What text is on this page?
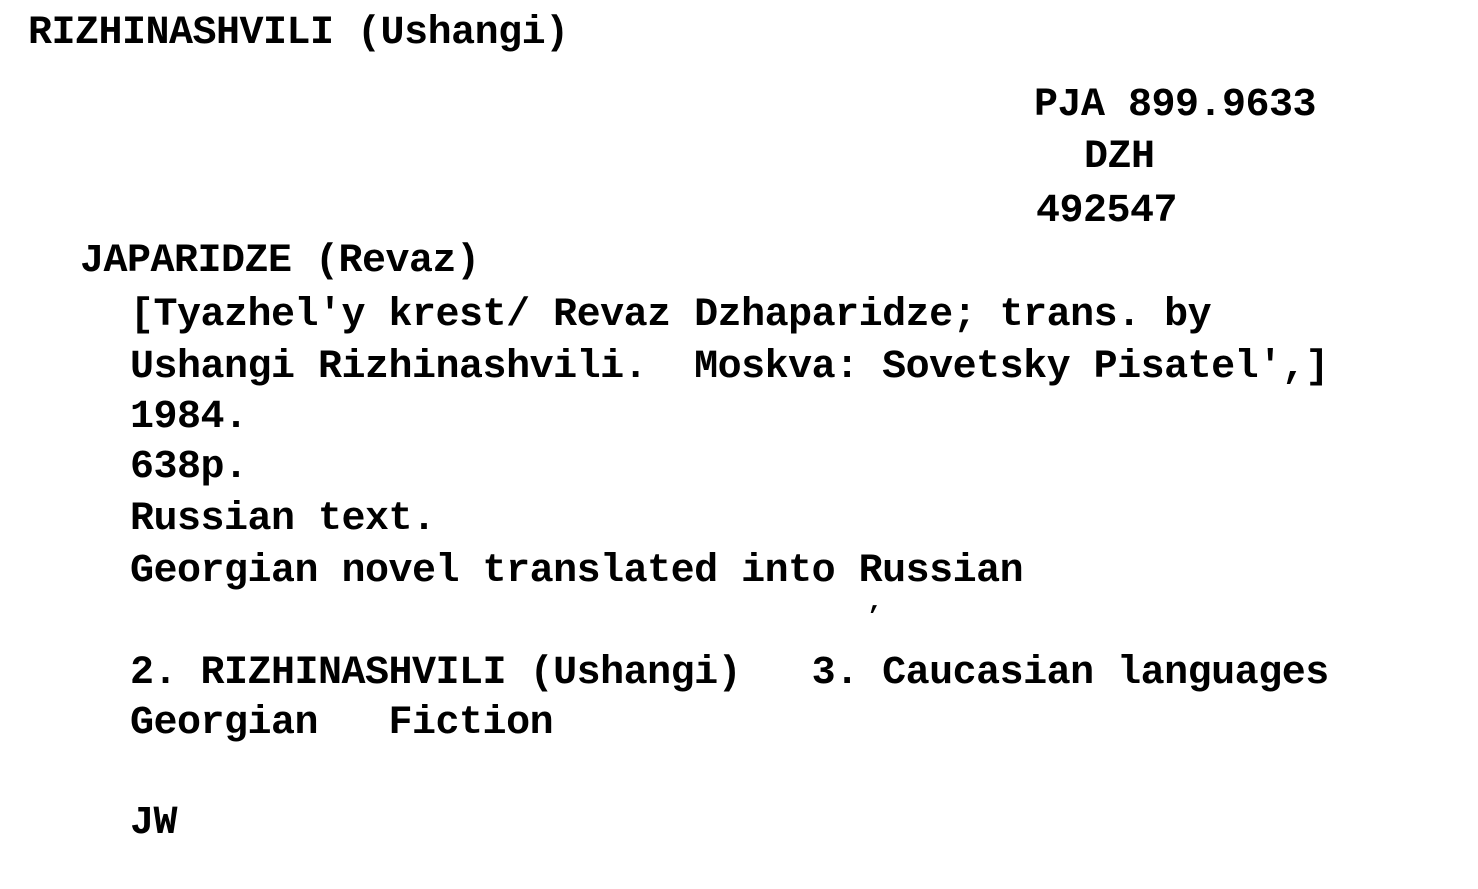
RIZHINASHVILI (Ushangi)
PJA 899.9633
DZH
492547
JAPARIDZE (Revaz)
[Tyazhel'y krest/ Revaz Dzhaparidze; trans. by
Ushangi Rizhinashvili.  Moskva: Sovetsky Pisatel',]
1984.
638p.
Russian text.
Georgian novel translated into Russian
’
2. RIZHINASHVILI (Ushangi)   3. Caucasian languages
Georgian   Fiction
JW
